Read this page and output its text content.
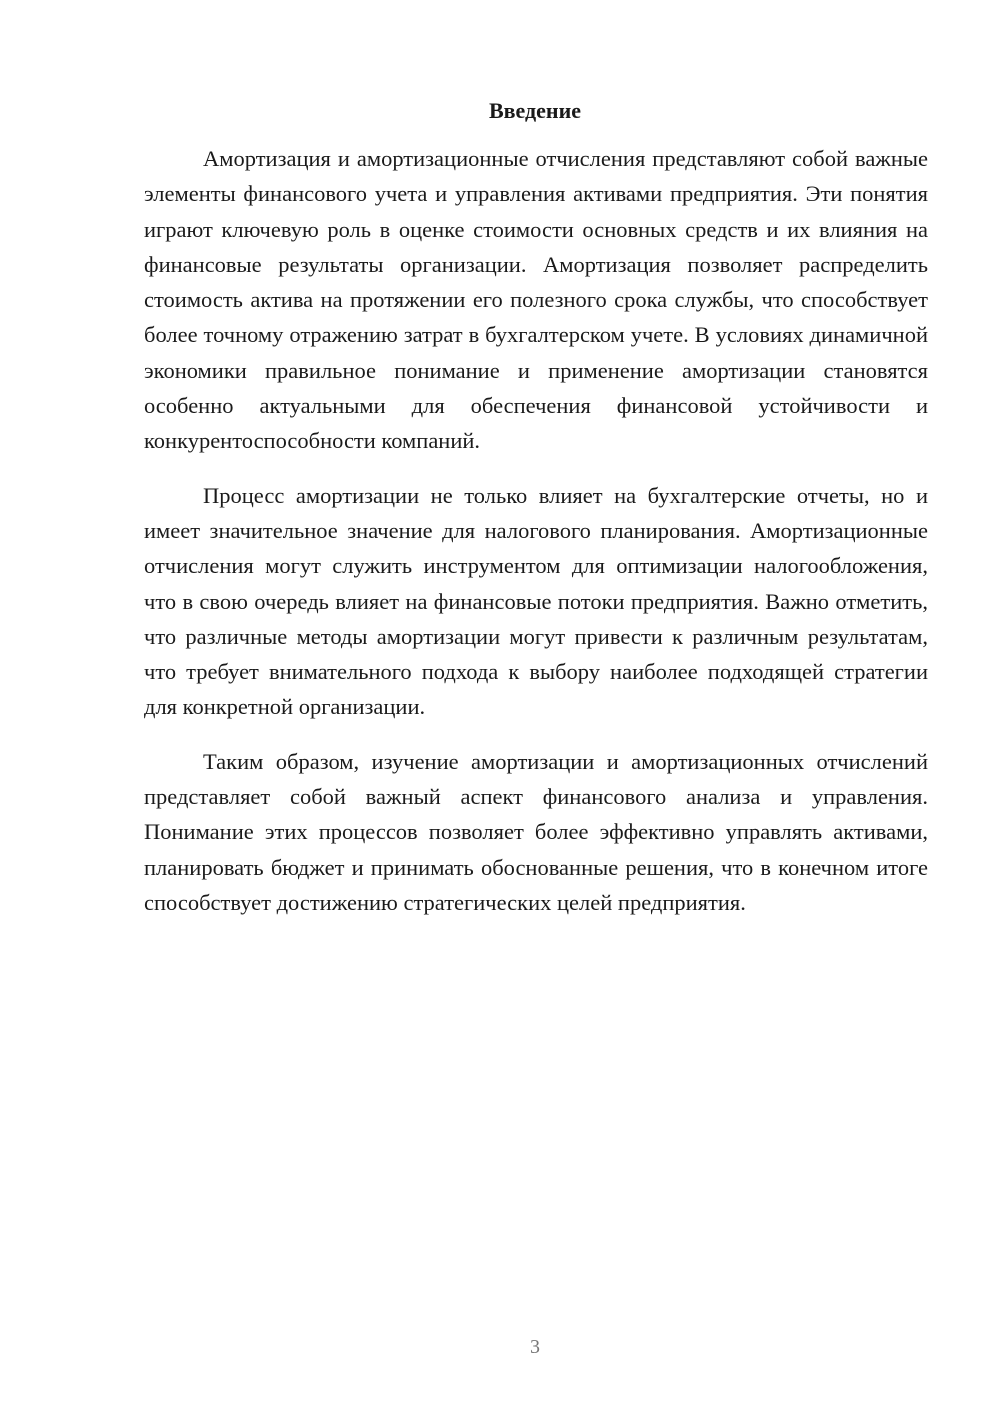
Введение

Амортизация и амортизационные отчисления представляют собой важные элементы финансового учета и управления активами предприятия. Эти понятия играют ключевую роль в оценке стоимости основных средств и их влияния на финансовые результаты организации. Амортизация позволяет распределить стоимость актива на протяжении его полезного срока службы, что способствует более точному отражению затрат в бухгалтерском учете. В условиях динамичной экономики правильное понимание и применение амортизации становятся особенно актуальными для обеспечения финансовой устойчивости и конкурентоспособности компаний.

Процесс амортизации не только влияет на бухгалтерские отчеты, но и имеет значительное значение для налогового планирования. Амортизационные отчисления могут служить инструментом для оптимизации налогообложения, что в свою очередь влияет на финансовые потоки предприятия. Важно отметить, что различные методы амортизации могут привести к различным результатам, что требует внимательного подхода к выбору наиболее подходящей стратегии для конкретной организации.

Таким образом, изучение амортизации и амортизационных отчислений представляет собой важный аспект финансового анализа и управления. Понимание этих процессов позволяет более эффективно управлять активами, планировать бюджет и принимать обоснованные решения, что в конечном итоге способствует достижению стратегических целей предприятия.

3
